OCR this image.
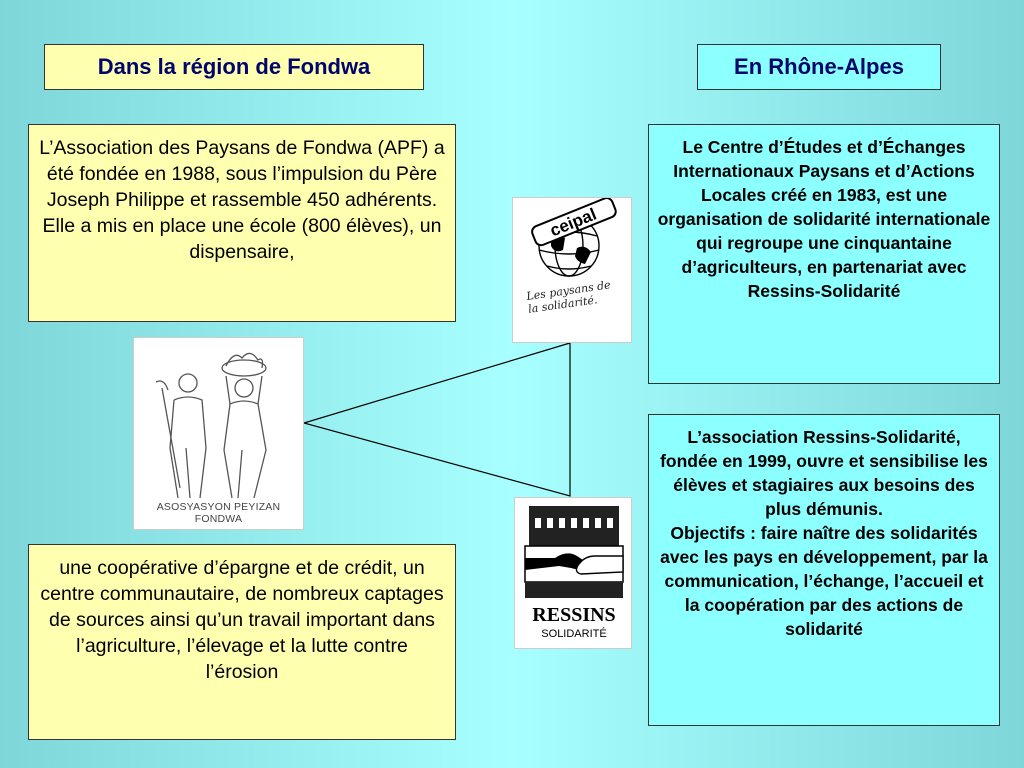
Dans la région de Fondwa	En Rhône-Alpes

L’Association des Paysans de Fondwa (APF) a été fondée en 1988, sous l’impulsion du Père Joseph Philippe et rassemble 450 adhérents. Elle a mis en place une école (800 élèves), un dispensaire,

une coopérative d’épargne et de crédit, un centre communautaire, de nombreux captages de sources ainsi qu’un travail important dans l’agriculture, l’élevage et la lutte contre l’érosion

Le Centre d’Études et d’Échanges Internationaux Paysans et d’Actions Locales créé en 1983, est une organisation de solidarité internationale qui regroupe une cinquantaine d’agriculteurs, en partenariat avec Ressins-Solidarité

L’association Ressins-Solidarité, fondée en 1999, ouvre et sensibilise les élèves et stagiaires aux besoins des plus démunis.

Objectifs : faire naître des solidarités avec les pays en développement, par la communication, l’échange, l’accueil et la coopération par des actions de solidarité

ASOSYASYON PEYIZAN FONDWA
ceipal
Les paysans de la solidarité.
RESSINS
SOLIDARITÉ
